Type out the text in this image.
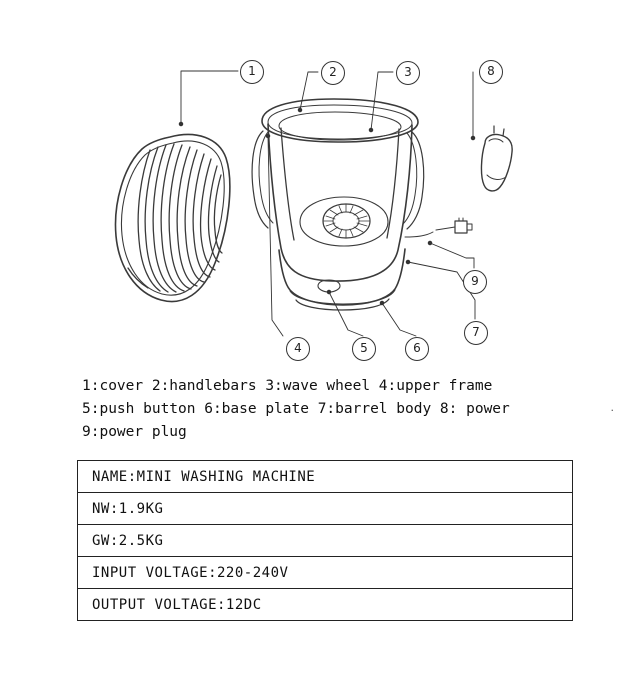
1	2	3	8
9
7
6
5
4
1:cover 2:handlebars 3:wave wheel 4:upper frame
5:push button 6:base plate 7:barrel body 8: power
9:power plug
·
NAME:MINI WASHING MACHINE
NW:1.9KG
GW:2.5KG
INPUT VOLTAGE:220-240V
OUTPUT VOLTAGE:12DC
